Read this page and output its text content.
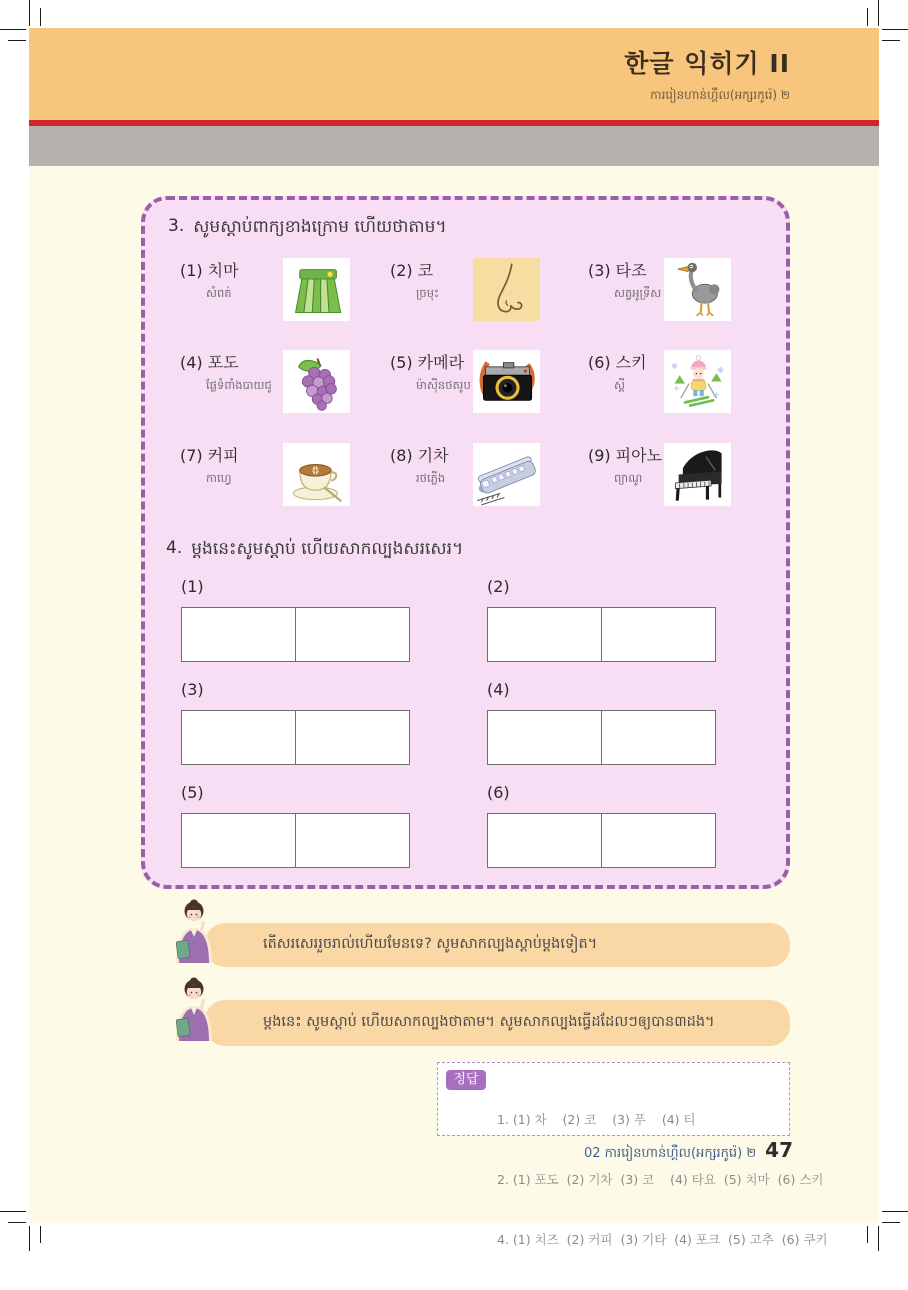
한글 익히기 II
ការរៀនហាន់ហ្គឺល(អក្សរកូរ៉េ) ២
3. សូមស្ដាប់ពាក្យខាងក្រោម ហើយថាតាម។
(1) 치마
សំពត់
(2) 코
ច្រមុះ
(3) 타조
សត្វអូទ្រីស
(4) 포도
ផ្លែទំពាំងបាយជូ
(5) 카메라
ម៉ាស៊ីនថតរូប
(6) 스키
ស្គី
(7) 커피
កាហ្វេ
(8) 기차
រថភ្លើង
(9) 피아노
ព្យាណូ
4. ម្ដងនេះសូមស្ដាប់ ហើយសាកល្បងសរសេរ។
(1)	(2)
(3)	(4)
(5)	(6)
តើសរសេររួចរាល់ហើយមែនទេ? សូមសាកល្បងស្ដាប់ម្ដងទៀត។
ម្ដងនេះ សូមស្ដាប់ ហើយសាកល្បងថាតាម។ សូមសាកល្បងធ្វើដដែលៗឲ្យបាន៣ដង។
정답

1. (1) 차    (2) 코    (3) 푸    (4) 티

2. (1) 포도  (2) 기차  (3) 코    (4) 타요  (5) 치마  (6) 스키

4. (1) 치즈  (2) 커피  (3) 기타  (4) 포크  (5) 고추  (6) 쿠키

02 ការរៀនហាន់ហ្គឺល(អក្សរកូរ៉េ) ២ 47
